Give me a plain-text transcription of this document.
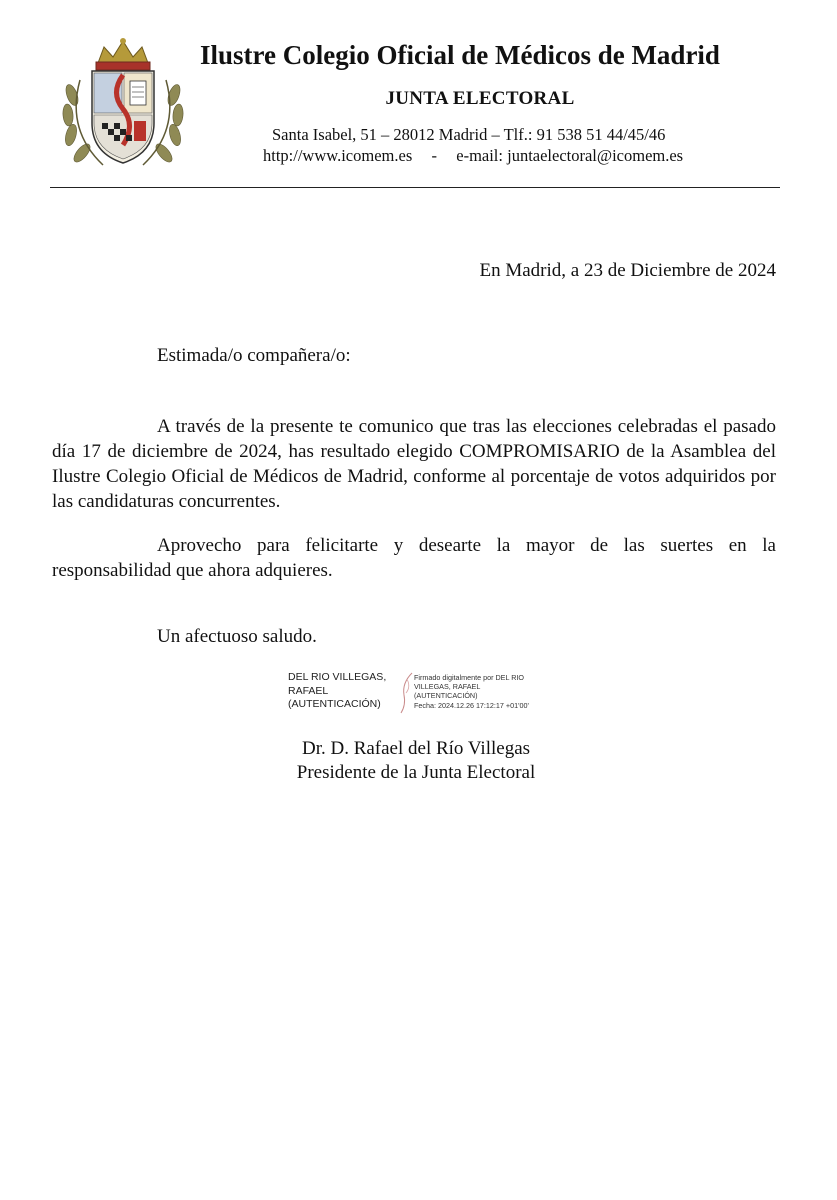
Ilustre Colegio Oficial de Médicos de Madrid
JUNTA ELECTORAL
Santa Isabel, 51 – 28012 Madrid – Tlf.: 91 538 51 44/45/46
http://www.icomem.es - e-mail: juntaelectoral@icomem.es
En Madrid, a 23 de Diciembre de 2024
Estimada/o compañera/o:

A través de la presente te comunico que tras las elecciones celebradas el pasado día 17 de diciembre de 2024, has resultado elegido COMPROMISARIO de la Asamblea del Ilustre Colegio Oficial de Médicos de Madrid, conforme al porcentaje de votos adquiridos por las candidaturas concurrentes.

Aprovecho para felicitarte y desearte la mayor de las suertes en la responsabilidad que ahora adquieres.

Un afectuoso saludo.
DEL RIO VILLEGAS,
RAFAEL
(AUTENTICACIÓN)
Firmado digitalmente por DEL RIO
VILLEGAS, RAFAEL
(AUTENTICACIÓN)
Fecha: 2024.12.26 17:12:17 +01'00'
Dr. D. Rafael del Río Villegas
Presidente de la Junta Electoral
